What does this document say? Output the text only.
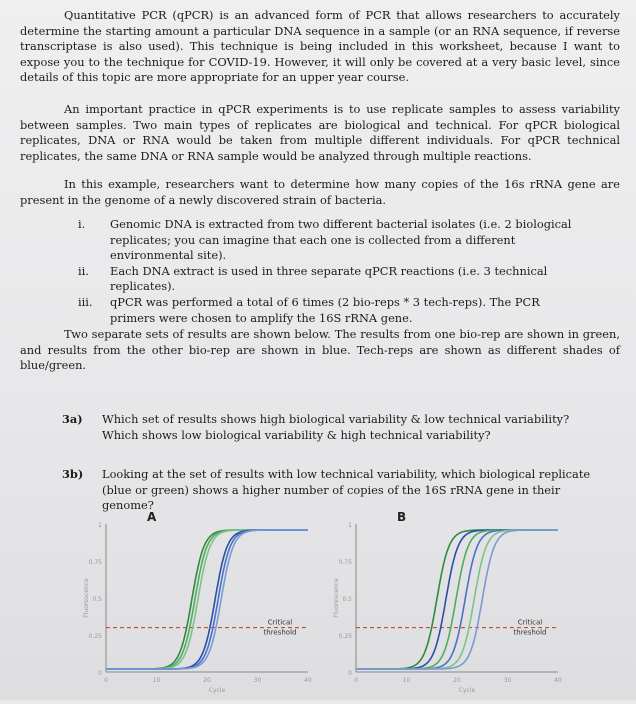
Quantitative PCR (qPCR) is an advanced form of PCR that allows researchers to accurately determine the starting amount a particular DNA sequence in a sample (or an RNA sequence, if reverse transcriptase is also used). This technique is being included in this worksheet, because I want to expose you to the technique for COVID-19. However, it will only be covered at a very basic level, since details of this topic are more appropriate for an upper year course.

An important practice in qPCR experiments is to use replicate samples to assess variability between samples. Two main types of replicates are biological and technical. For qPCR biological replicates, DNA or RNA would be taken from multiple different individuals. For qPCR technical replicates, the same DNA or RNA sample would be analyzed through multiple reactions.

In this example, researchers want to determine how many copies of the 16s rRNA gene are present in the genome of a newly discovered strain of bacteria.

i.	Genomic DNA is extracted from two different bacterial isolates (i.e. 2 biological replicates; you can imagine that each one is collected from a different environmental site).
ii.	Each DNA extract is used in three separate qPCR reactions (i.e. 3 technical replicates).
iii.	qPCR was performed a total of 6 times (2 bio-reps * 3 tech-reps). The PCR primers were chosen to amplify the 16S rRNA gene.

Two separate sets of results are shown below. The results from one bio-rep are shown in green, and results from the other bio-rep are shown in blue. Tech-reps are shown as different shades of blue/green.

3a)	Which set of results shows high biological variability & low technical variability? Which shows low biological variability & high technical variability?
3b)	Looking at the set of results with low technical variability, which biological replicate (blue or green) shows a higher number of copies of the 16S rRNA gene in their genome?
A
0
0.25
0.5
0.75
1
0	10	20	30	40
Cycle
Fluorescence
Critical
threshold
B
0
0.25
0.5
0.75
1
0	10	20	30	40
Cycle
Fluorescence
Critical
threshold
